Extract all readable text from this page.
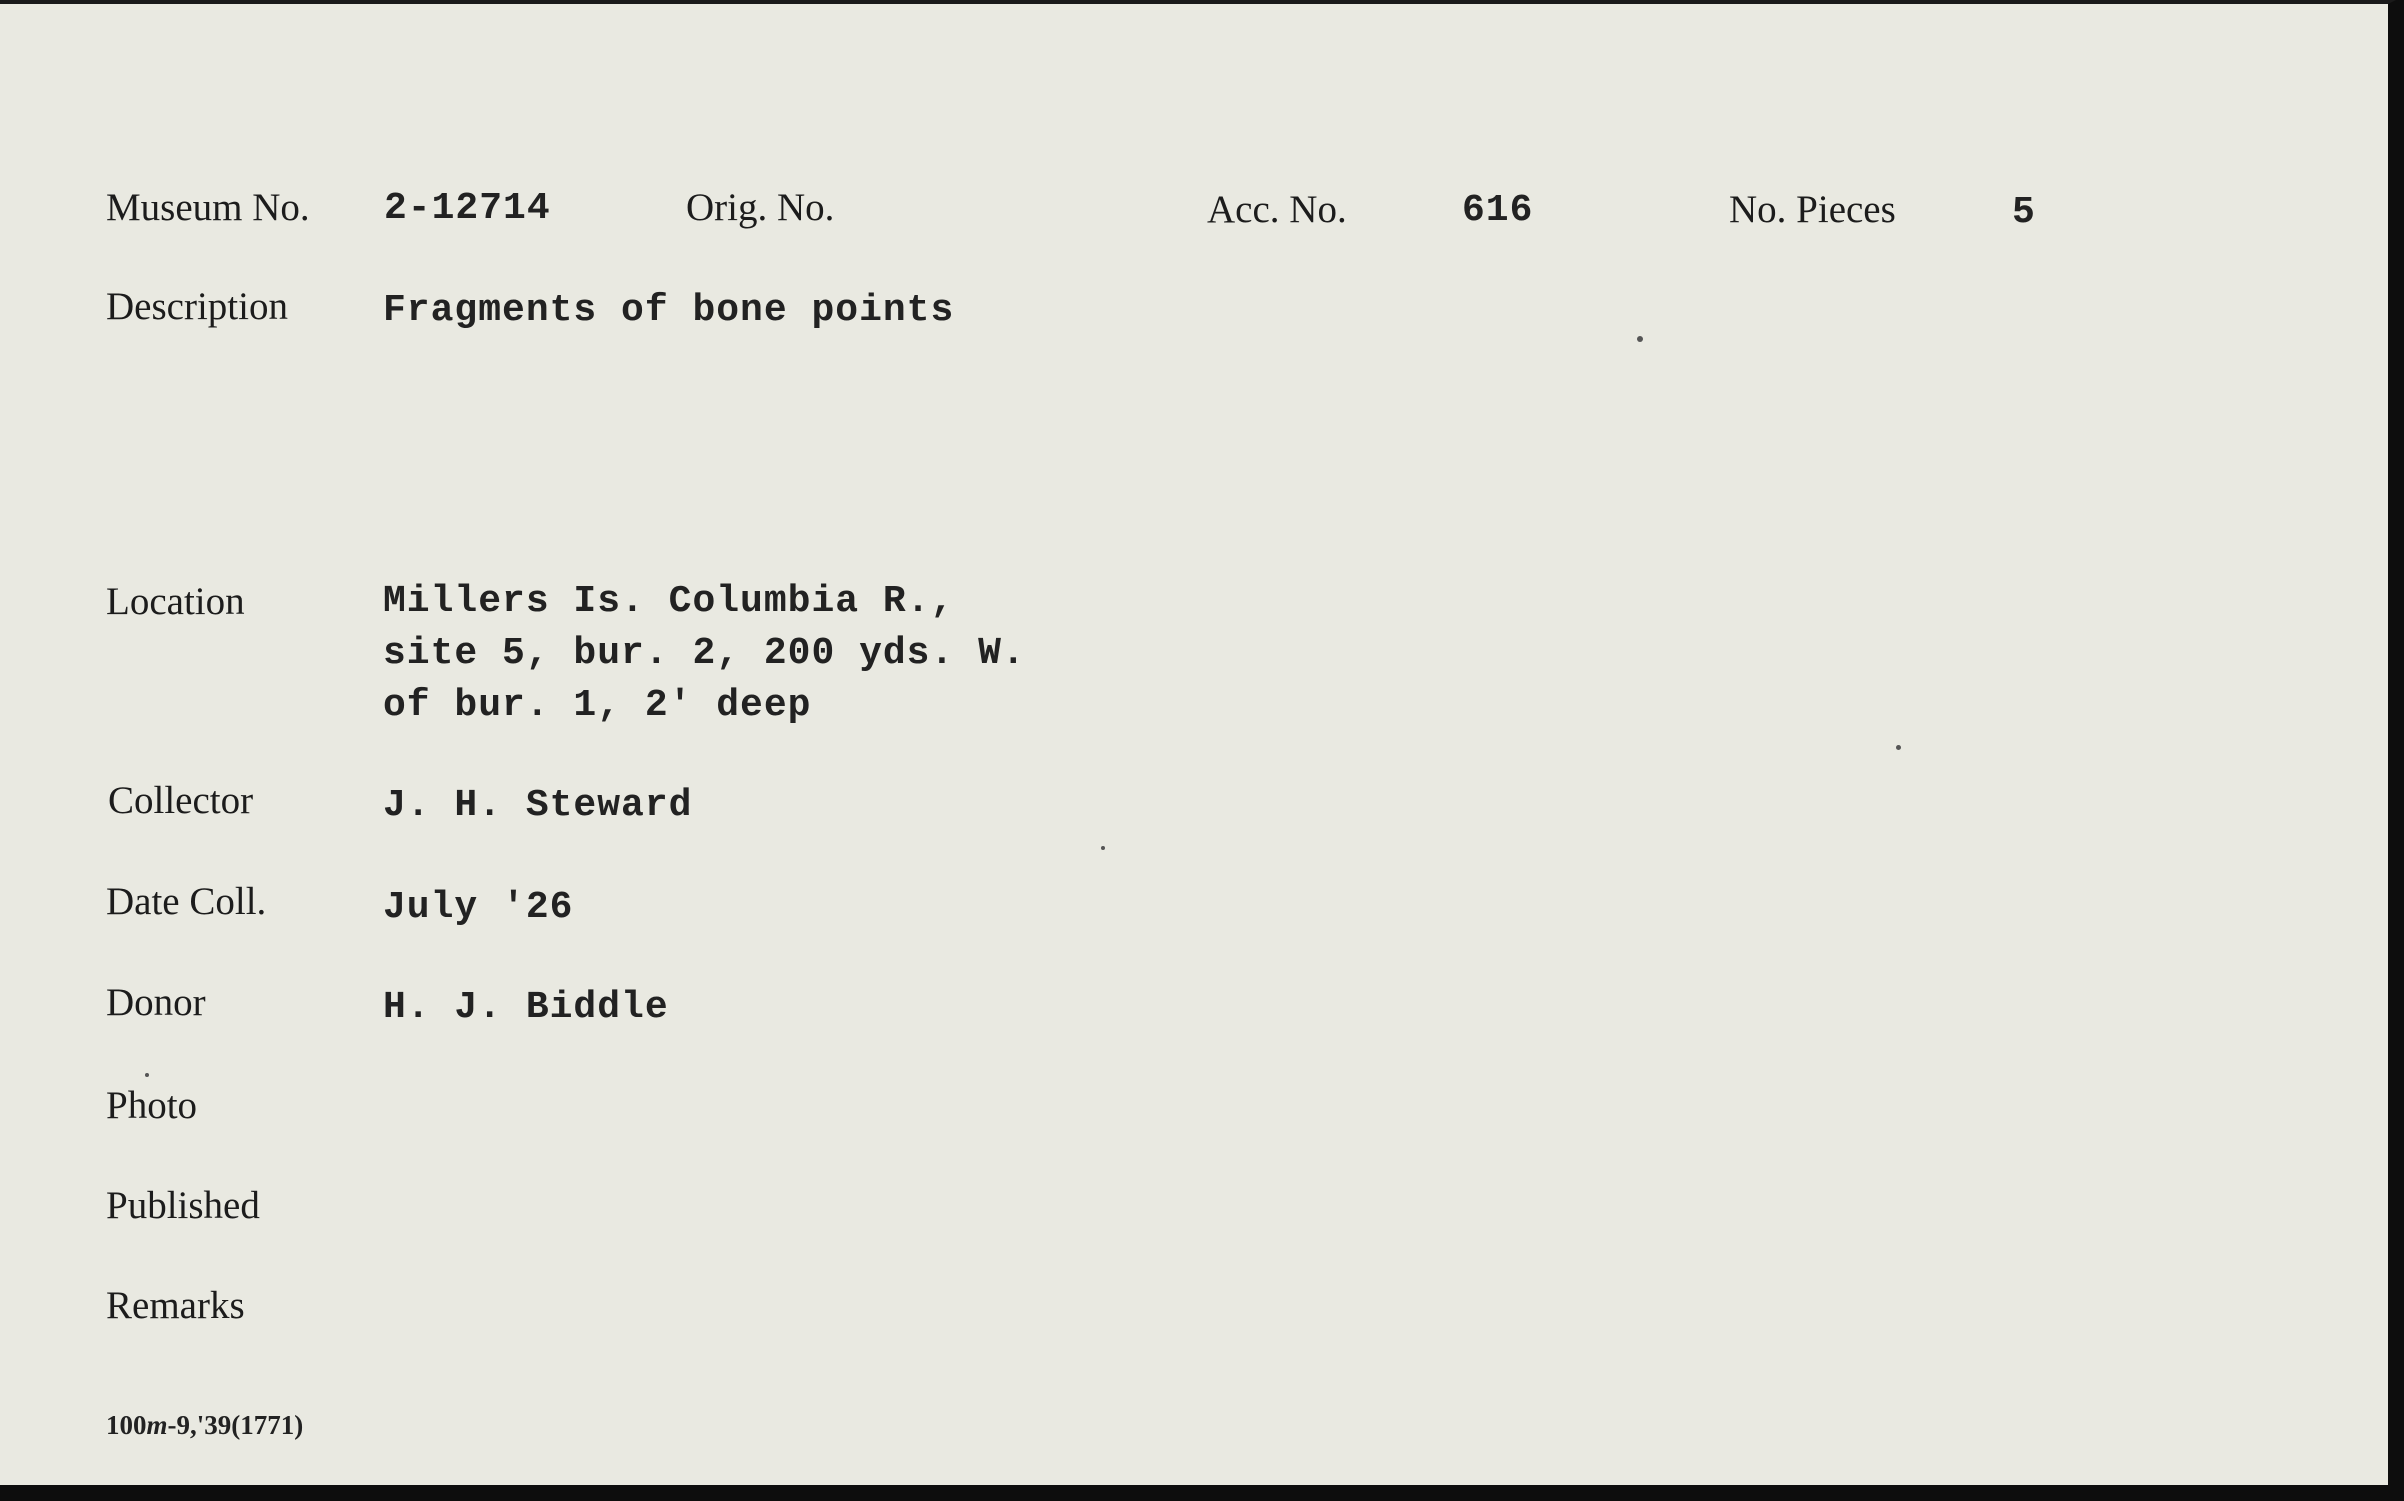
Museum No. 2-12714	Orig. No.	Acc. No.	616	No. Pieces	5
Description	Fragments of bone points
Location	Millers Is. Columbia R.,
site 5, bur. 2, 200 yds. W.
of bur. 1, 2' deep
Collector	J. H. Steward
Date Coll.	July '26
Donor	H. J. Biddle
Photo
Published
Remarks
100m-9,'39(1771)
